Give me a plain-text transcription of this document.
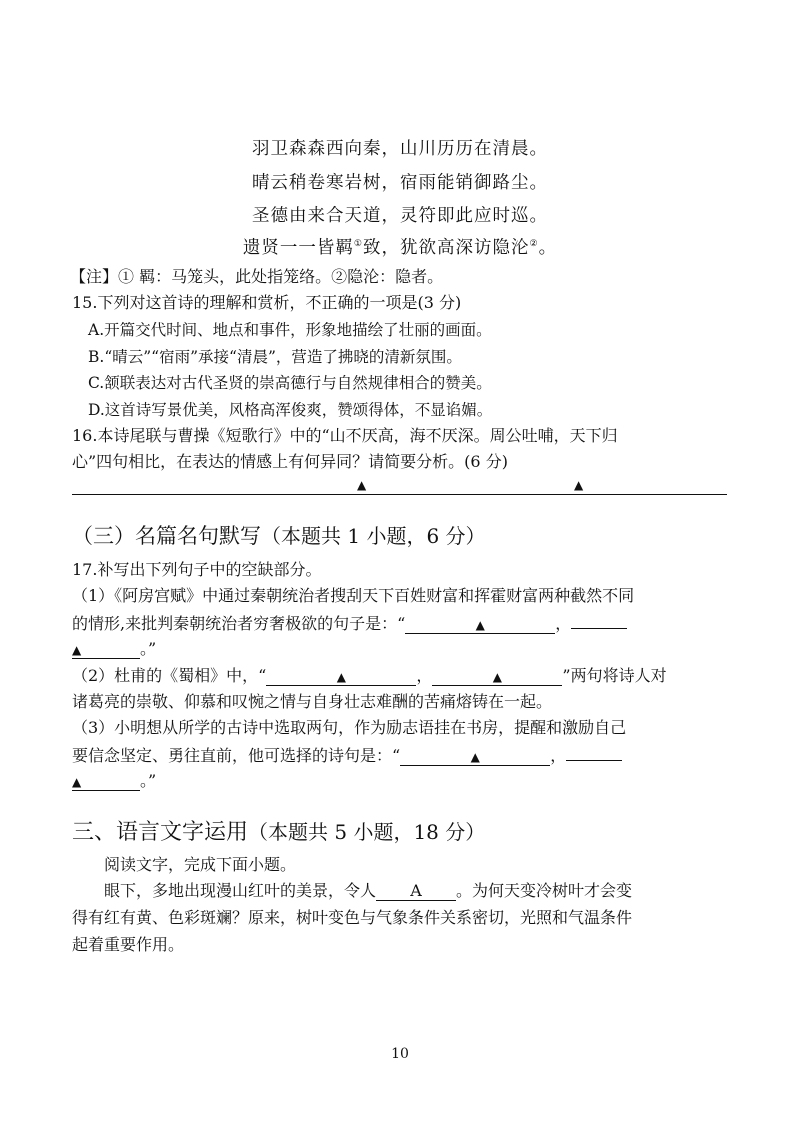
羽卫森森西向秦，山川历历在清晨。
晴云稍卷寒岩树，宿雨能销御路尘。
圣德由来合天道，灵符即此应时巡。
遗贤一一皆羁①致，犹欲高深访隐沦②。
【注】① 羁：马笼头，此处指笼络。②隐沦：隐者。
15.下列对这首诗的理解和赏析，不正确的一项是(3 分)
A.开篇交代时间、地点和事件，形象地描绘了壮丽的画面。
B.“晴云”“宿雨”承接“清晨”，营造了拂晓的清新氛围。
C.颔联表达对古代圣贤的崇高德行与自然规律相合的赞美。
D.这首诗写景优美，风格高浑俊爽，赞颂得体，不显谄媚。
16.本诗尾联与曹操《短歌行》中的“山不厌高，海不厌深。周公吐哺，天下归
心”四句相比，在表达的情感上有何异同？请简要分析。(6 分)
▲	▲
（三）名篇名句默写（本题共 1 小题，6 分）
17.补写出下列句子中的空缺部分。
（1）《阿房宫赋》中通过秦朝统治者搜刮天下百姓财富和挥霍财富两种截然不同
的情形,来批判秦朝统治者穷奢极欲的句子是：“	▲	，
▲	。”
（2）杜甫的《蜀相》中，“	▲	，	▲	”两句将诗人对
诸葛亮的崇敬、仰慕和叹惋之情与自身壮志难酬的苦痛熔铸在一起。
（3）小明想从所学的古诗中选取两句，作为励志语挂在书房，提醒和激励自己
要信念坚定、勇往直前，他可选择的诗句是：“	▲	，
▲	。”
三、语言文字运用（本题共 5 小题，18 分）
阅读文字，完成下面小题。
眼下，多地出现漫山红叶的美景，令人 A 。为何天变冷树叶才会变
得有红有黄、色彩斑斓？原来，树叶变色与气象条件关系密切，光照和气温条件
起着重要作用。
10
